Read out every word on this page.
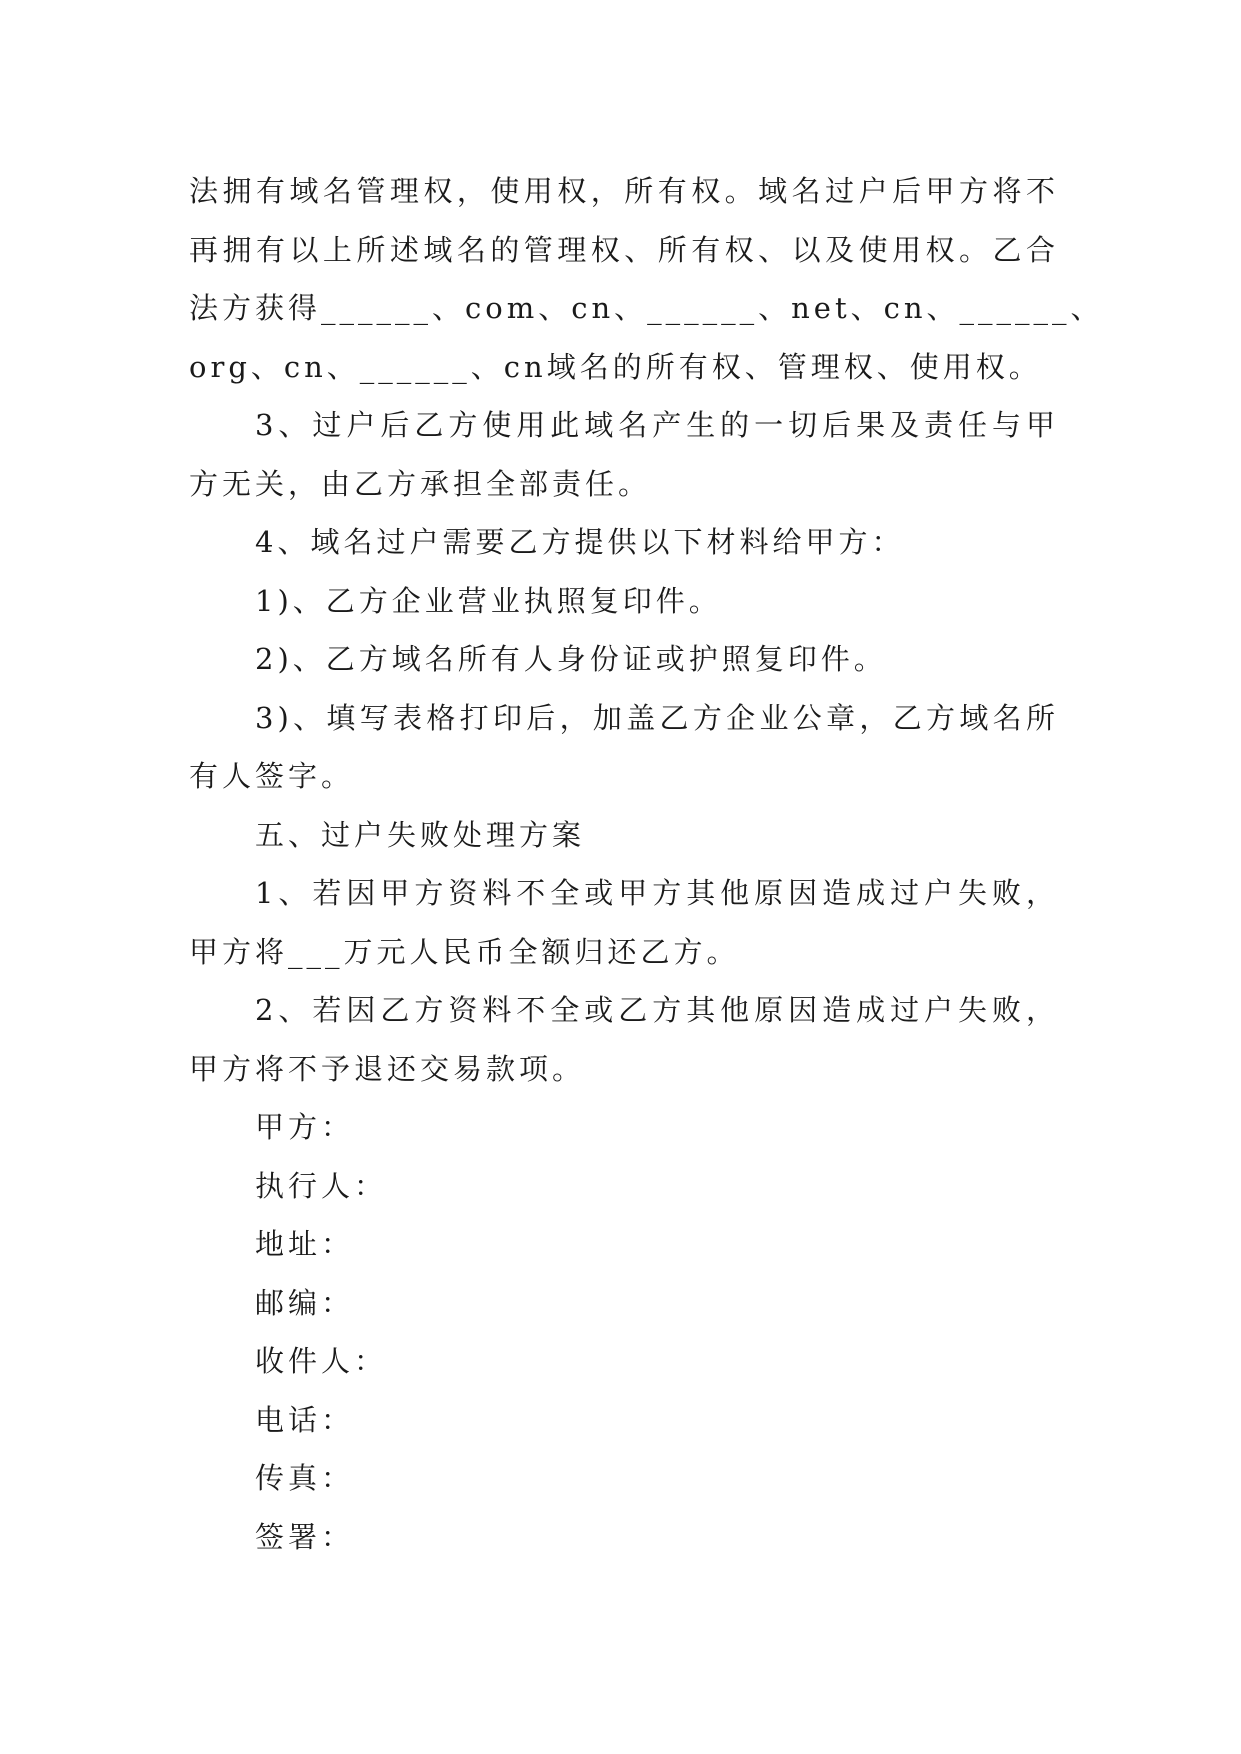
法拥有域名管理权，使用权，所有权。域名过户后甲方将不
再拥有以上所述域名的管理权、所有权、以及使用权。乙合
法方获得______、com、cn、______、net、cn、______、
org、cn、______、cn域名的所有权、管理权、使用权。
3、过户后乙方使用此域名产生的一切后果及责任与甲
方无关，由乙方承担全部责任。
4、域名过户需要乙方提供以下材料给甲方：
1)、乙方企业营业执照复印件。
2)、乙方域名所有人身份证或护照复印件。
3)、填写表格打印后，加盖乙方企业公章，乙方域名所
有人签字。
五、过户失败处理方案
1、若因甲方资料不全或甲方其他原因造成过户失败，
甲方将___万元人民币全额归还乙方。
2、若因乙方资料不全或乙方其他原因造成过户失败，
甲方将不予退还交易款项。
甲方：
执行人：
地址：
邮编：
收件人：
电话：
传真：
签署：
